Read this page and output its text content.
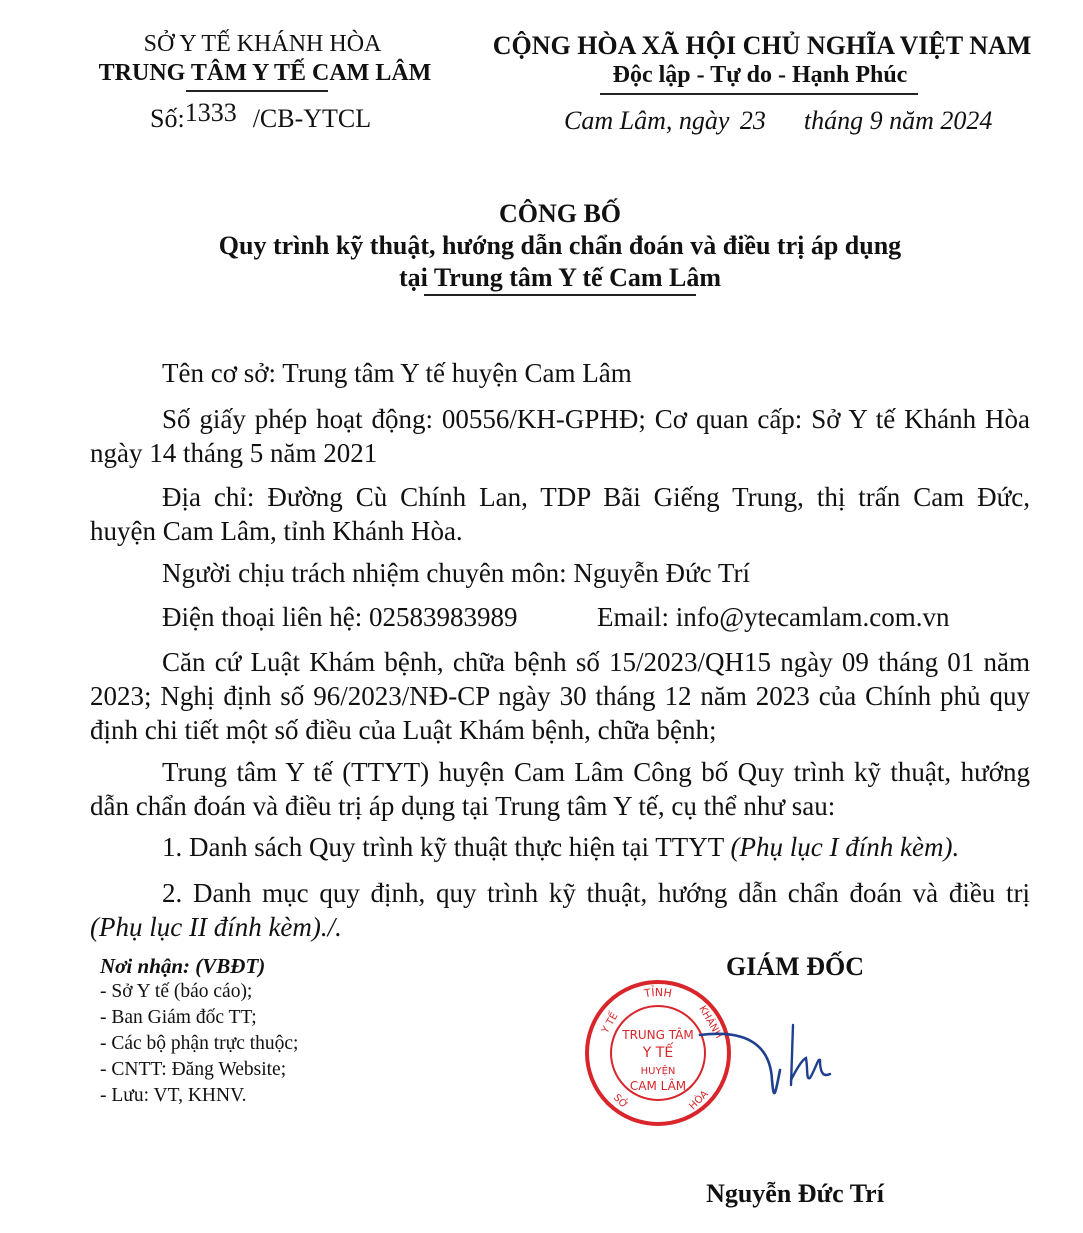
SỞ Y TẾ KHÁNH HÒA
TRUNG TÂM Y TẾ CAM LÂM
Số:1333 /CB-YTCL
CỘNG HÒA XÃ HỘI CHỦ NGHĨA VIỆT NAM
Độc lập - Tự do - Hạnh Phúc
Cam Lâm, ngày 23 tháng 9 năm 2024
CÔNG BỐ
Quy trình kỹ thuật, hướng dẫn chẩn đoán và điều trị áp dụng
tại Trung tâm Y tế Cam Lâm
Tên cơ sở: Trung tâm Y tế huyện Cam Lâm
Số giấy phép hoạt động: 00556/KH-GPHĐ; Cơ quan cấp: Sở Y tế Khánh Hòa
ngày 14 tháng 5 năm 2021
Địa chỉ: Đường Cù Chính Lan, TDP Bãi Giếng Trung, thị trấn Cam Đức,
huyện Cam Lâm, tỉnh Khánh Hòa.
Người chịu trách nhiệm chuyên môn: Nguyễn Đức Trí
Điện thoại liên hệ: 02583983989	Email: info@ytecamlam.com.vn
Căn cứ Luật Khám bệnh, chữa bệnh số 15/2023/QH15 ngày 09 tháng 01 năm
2023; Nghị định số 96/2023/NĐ-CP ngày 30 tháng 12 năm 2023 của Chính phủ quy
định chi tiết một số điều của Luật Khám bệnh, chữa bệnh;
Trung tâm Y tế (TTYT) huyện Cam Lâm Công bố Quy trình kỹ thuật, hướng
dẫn chẩn đoán và điều trị áp dụng tại Trung tâm Y tế, cụ thể như sau:
1. Danh sách Quy trình kỹ thuật thực hiện tại TTYT (Phụ lục I đính kèm).
2. Danh mục quy định, quy trình kỹ thuật, hướng dẫn chẩn đoán và điều trị
(Phụ lục II đính kèm)./.
Nơi nhận: (VBĐT)
- Sở Y tế (báo cáo);
- Ban Giám đốc TT;
- Các bộ phận trực thuộc;
- CNTT: Đăng Website;
- Lưu: VT, KHNV.
GIÁM ĐỐC
TỈNH
Y TẾ	KHÁNH
SỞ	HÒA
TRUNG TÂM
Y TẾ
HUYỆN
CAM LÂM
Nguyễn Đức Trí
